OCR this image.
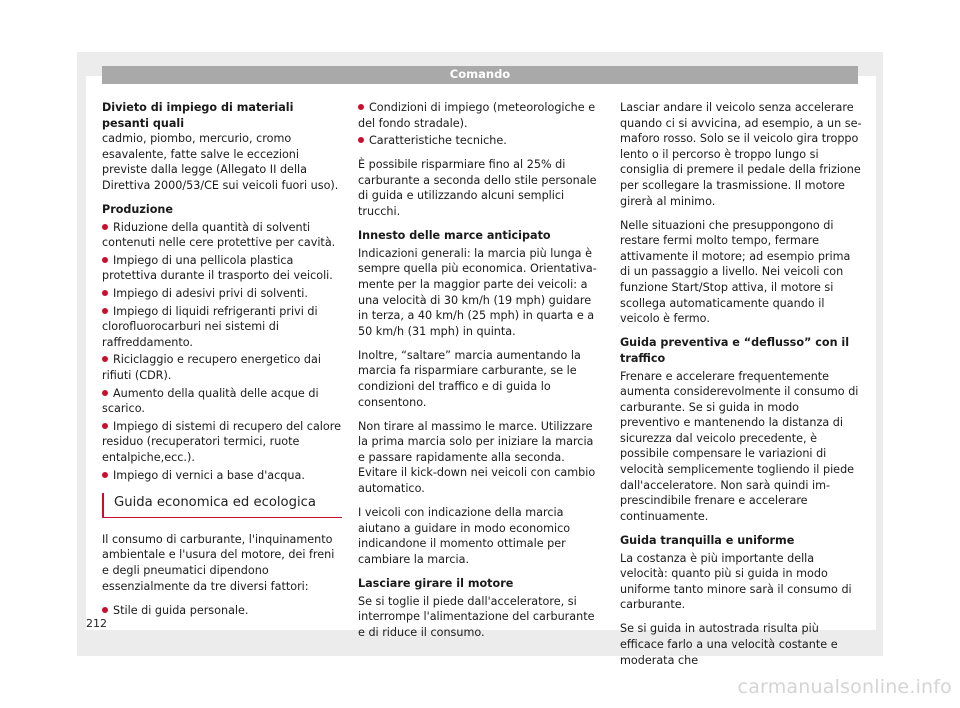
Comando

Divieto di impiego di materiali pesanti quali
cadmio, piombo, mercurio, cromo esavalente, fatte salve le eccezioni previste dalla legge (Allegato II della Direttiva 2000/53/CE sui veicoli fuori uso).

Produzione

Riduzione della quantità di solventi contenuti nelle cere protettive per cavità.

Impiego di una pellicola plastica protettiva durante il trasporto dei veicoli.

Impiego di adesivi privi di solventi.

Impiego di liquidi refrigeranti privi di clorofluorocarburi nei sistemi di raffreddamento.

Riciclaggio e recupero energetico dai rifiuti (CDR).

Aumento della qualità delle acque di scarico.

Impiego di sistemi di recupero del calore residuo (recuperatori termici, ruote entalpiche,ecc.).

Impiego di vernici a base d'acqua.

Guida economica ed ecologica

Il consumo di carburante, l'inquinamento ambientale e l'usura del motore, dei freni e degli pneumatici dipendono essenzialmente da tre diversi fattori:

Stile di guida personale.

Condizioni di impiego (meteorologiche e del fondo stradale).

Caratteristiche tecniche.

È possibile risparmiare fino al 25% di carburante a seconda dello stile personale di guida e utilizzando alcuni semplici trucchi.

Innesto delle marce anticipato

Indicazioni generali: la marcia più lunga è sempre quella più economica. Orientativamente per la maggior parte dei veicoli: a una velocità di 30 km/h (19 mph) guidare in terza, a 40 km/h (25 mph) in quarta e a 50 km/h (31 mph) in quinta.

Inoltre, “saltare” marcia aumentando la marcia fa risparmiare carburante, se le condizioni del traffico e di guida lo consentono.

Non tirare al massimo le marce. Utilizzare la prima marcia solo per iniziare la marcia e passare rapidamente alla seconda. Evitare il kick-down nei veicoli con cambio automatico.

I veicoli con indicazione della marcia aiutano a guidare in modo economico indicandone il momento ottimale per cambiare la marcia.

Lasciare girare il motore

Se si toglie il piede dall'acceleratore, si interrompe l'alimentazione del carburante e di riduce il consumo.

Lasciar andare il veicolo senza accelerare quando ci si avvicina, ad esempio, a un semaforo rosso. Solo se il veicolo gira troppo lento o il percorso è troppo lungo si consiglia di premere il pedale della frizione per scollegare la trasmissione. Il motore girerà al minimo.

Nelle situazioni che presuppongono di restare fermi molto tempo, fermare attivamente il motore; ad esempio prima di un passaggio a livello. Nei veicoli con funzione Start/Stop attiva, il motore si scollega automaticamente quando il veicolo è fermo.

Guida preventiva e “deflusso” con il traffico

Frenare e accelerare frequentemente aumenta considerevolmente il consumo di carburante. Se si guida in modo preventivo e mantenendo la distanza di sicurezza dal veicolo precedente, è possibile compensare le variazioni di velocità semplicemente togliendo il piede dall'acceleratore. Non sarà quindi imprescindibile frenare e accelerare continuamente.

Guida tranquilla e uniforme

La costanza è più importante della velocità: quanto più si guida in modo uniforme tanto minore sarà il consumo di carburante.

Se si guida in autostrada risulta più efficace farlo a una velocità costante e moderata che

212
carmanualsonline.info
